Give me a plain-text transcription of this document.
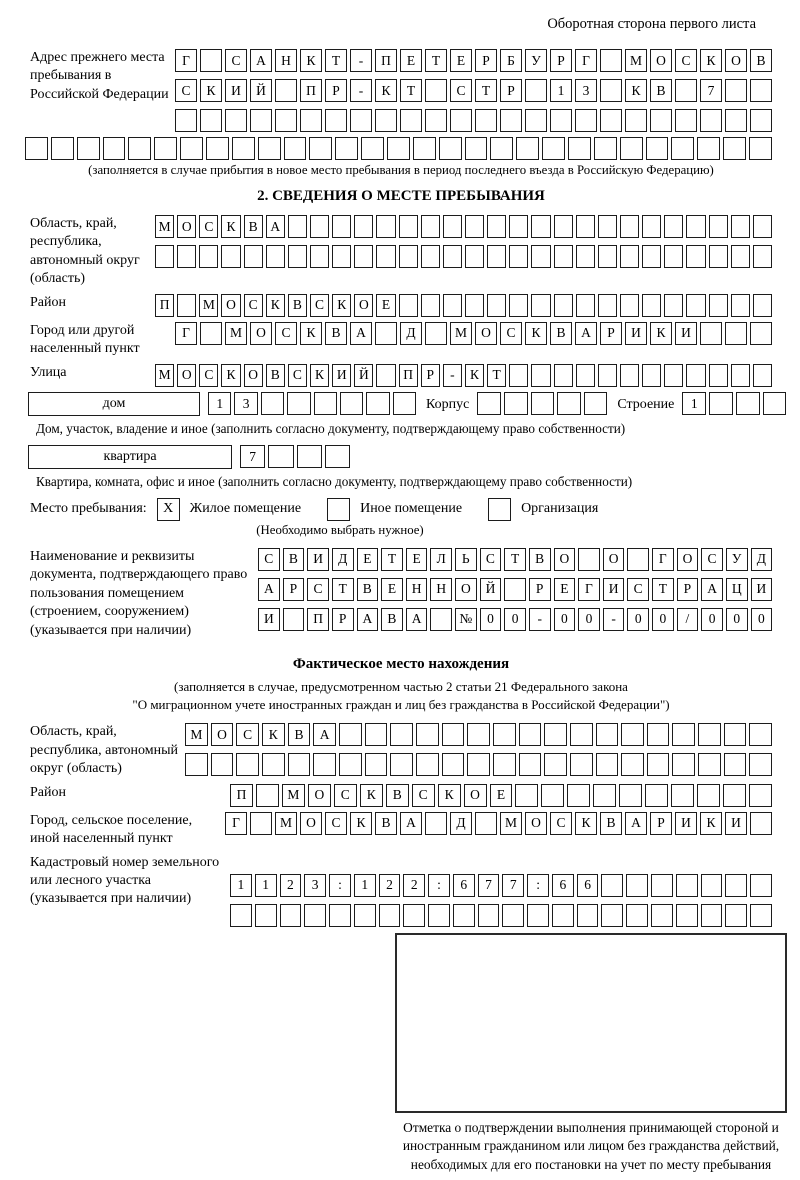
Оборотная сторона первого листа
Адрес прежнего места пребывания в Российской Федерации
Г	С	А	Н	К	Т	-	П	Е	Т	Е	Р	Б	У	Р	Г	М	О	С	К	О	В
С	К	И	Й	П	Р	-	К	Т	С	Т	Р	1	3	К	В	7
(заполняется в случае прибытия в новое место пребывания в период последнего въезда в Российскую Федерацию)
2. СВЕДЕНИЯ О МЕСТЕ ПРЕБЫВАНИЯ
Область, край, республика, автономный округ (область)
М О С К В А
Район	П	М О С К В С К О Е
Город или другой населенный пункт
Г	М	О	С	К	В	А	Д	М	О	С	К	В	А	Р	И	К	И
Улица	М О С К О В С К И Й	П	Р	-	К	Т
дом	1	3	Корпус	Строение	1
Дом, участок, владение и иное (заполнить согласно документу, подтверждающему право собственности)
квартира	7
Квартира, комната, офис и иное (заполнить согласно документу, подтверждающему право собственности)
Место пребывания:	X	Жилое помещение	Иное помещение	Организация
(Необходимо выбрать нужное)
Наименование и реквизиты документа, подтверждающего право пользования помещением (строением, сооружением) (указывается при наличии)
С	В	И	Д	Е	Т	Е	Л	Ь	С	Т	В	О	О	Г	О	С	У	Д
А	Р	С	Т	В	Е	Н	Н	О	Й	Р	Е	Г	И	С	Т	Р	А	Ц	И
И	П	Р	А	В	А	№	0	0	-	0	0	-	0	0	/	0	0	0
Фактическое место нахождения
(заполняется в случае, предусмотренном частью 2 статьи 21 Федерального закона
"О миграционном учете иностранных граждан и лиц без гражданства в Российской Федерации")
Область, край, республика, автономный округ (область)
М	О	С	К	В	А
Район	П	М	О	С	К	В	С	К	О	Е
Город, сельское поселение, иной населенный пункт
Г	М	О	С	К	В	А	Д	М	О	С	К	В	А	Р	И	К	И
Кадастровый номер земельного или лесного участка (указывается при наличии)
1	1	2	3	:	1	2	2	:	6	7	7	:	6	6
Отметка о подтверждении выполнения принимающей стороной и иностранным гражданином или лицом без гражданства действий, необходимых для его постановки на учет по месту пребывания
